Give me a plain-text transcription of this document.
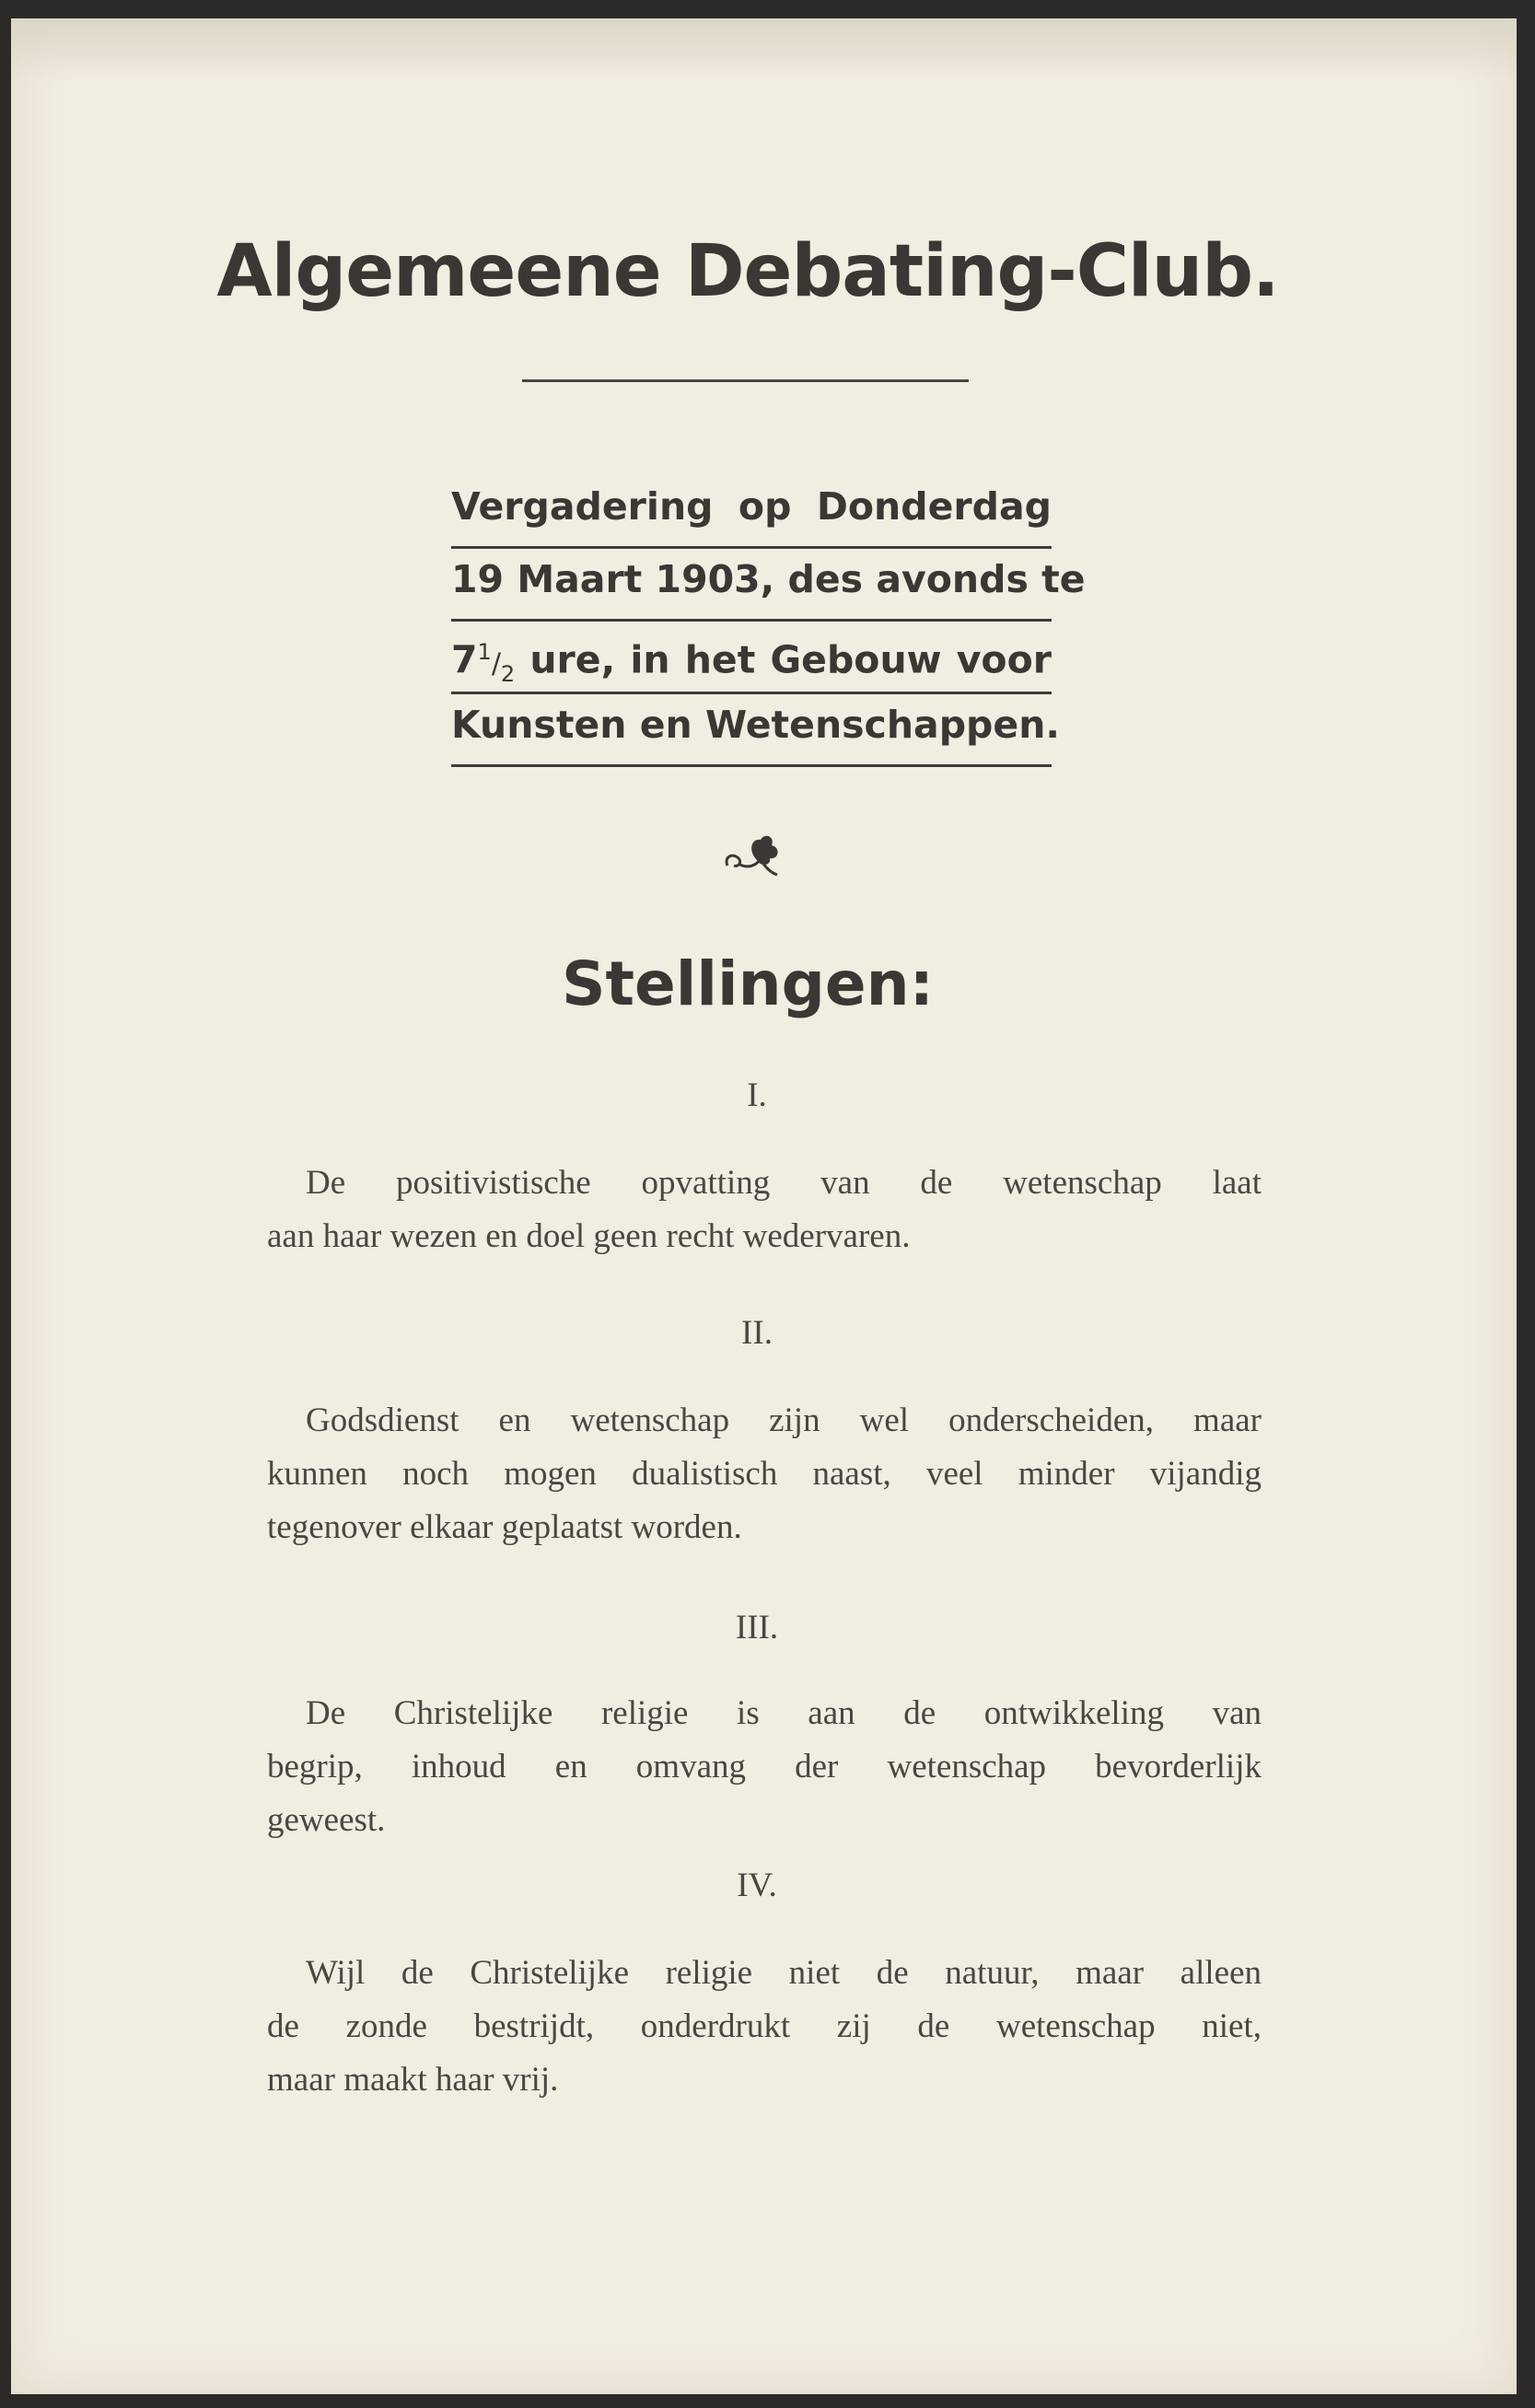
Algemeene Debating-Club.
Vergadering op Donderdag
19 Maart 1903, des avonds te
$7^1/_2$ ure, in het Gebouw voor
Kunsten en Wetenschappen.
Stellingen:
I.
De positivistische opvatting van de wetenschap laat
aan haar wezen en doel geen recht wedervaren.
II.
Godsdienst en wetenschap zijn wel onderscheiden, maar
kunnen noch mogen dualistisch naast, veel minder vijandig
tegenover elkaar geplaatst worden.
III.
De Christelijke religie is aan de ontwikkeling van
begrip, inhoud en omvang der wetenschap bevorderlijk
geweest.
IV.
Wijl de Christelijke religie niet de natuur, maar alleen
de zonde bestrijdt, onderdrukt zij de wetenschap niet,
maar maakt haar vrij.
